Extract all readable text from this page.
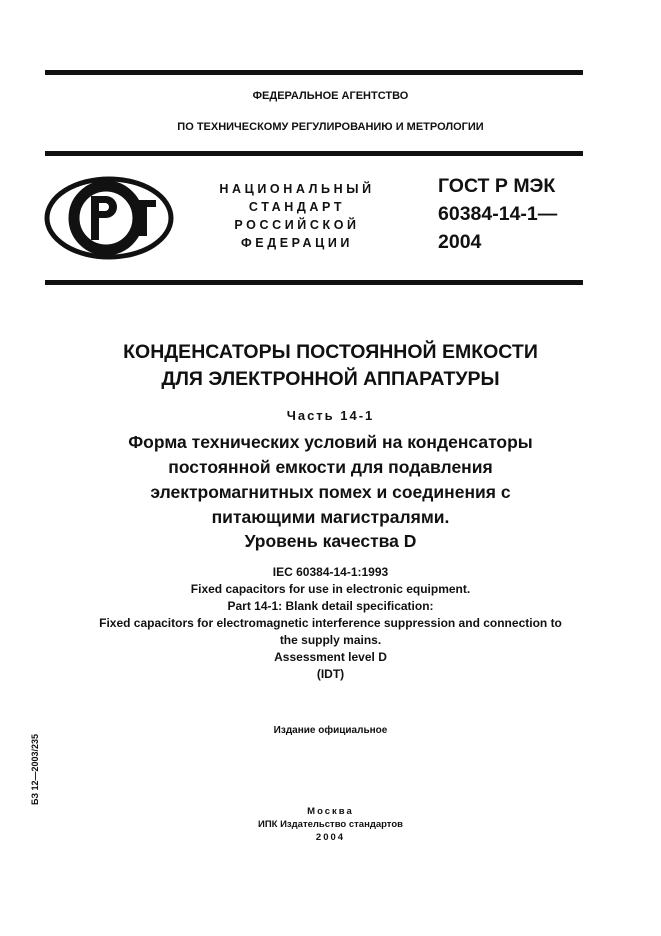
ФЕДЕРАЛЬНОЕ АГЕНТСТВО
ПО ТЕХНИЧЕСКОМУ РЕГУЛИРОВАНИЮ И МЕТРОЛОГИИ
НАЦИОНАЛЬНЫЙ
СТАНДАРТ
РОССИЙСКОЙ
ФЕДЕРАЦИИ
ГОСТ Р МЭК
60384-14-1—
2004
КОНДЕНСАТОРЫ ПОСТОЯННОЙ ЕМКОСТИ
ДЛЯ ЭЛЕКТРОННОЙ АППАРАТУРЫ
Часть 14-1
Форма технических условий на конденсаторы
постоянной емкости для подавления
электромагнитных помех и соединения с
питающими магистралями.
Уровень качества D
IEC 60384-14-1:1993
Fixed capacitors for use in electronic equipment.
Part 14-1: Blank detail specification:
Fixed capacitors for electromagnetic interference suppression and connection to
the supply mains.
Assessment level D
(IDT)
Издание официальное
БЗ 12—2003/235
Москва
ИПК Издательство стандартов
2004
